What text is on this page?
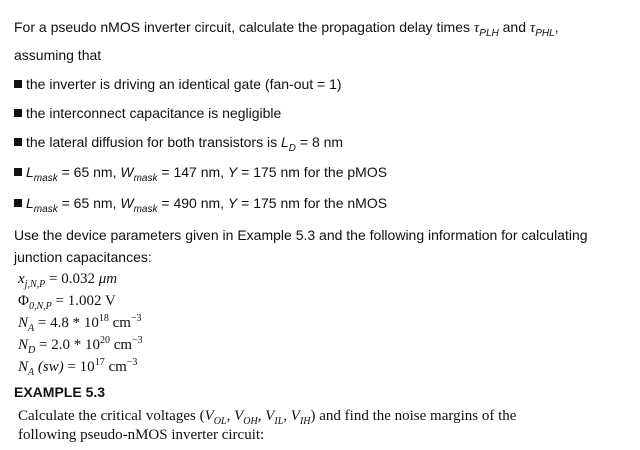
For a pseudo nMOS inverter circuit, calculate the propagation delay times $\tau_{PLH}$ and $\tau_{PHL}$,
assuming that
the inverter is driving an identical gate (fan-out = 1)
the interconnect capacitance is negligible
the lateral diffusion for both transistors is $L_D = 8$ nm
$L_{mask} = 65$ nm, $W_{mask} = 147$ nm, Y = 175 nm for the pMOS
$L_{mask} = 65$ nm, $W_{mask} = 490$ nm, Y = 175 nm for the nMOS
Use the device parameters given in Example 5.3 and the following information for calculating
junction capacitances:
$x_{j,N,P} = 0.032$ μm
$\Phi_{0,N,P} = 1.002$ V
$N_A = 4.8 * 10^{18}$ $cm^{-3}$
$N_D = 2.0 * 10^{20}$ $cm^{-3}$
$N_A$ $(sw) = 10^{17}$ $cm^{-3}$
EXAMPLE 5.3
Calculate the critical voltages ($V_{OL}$, $V_{OH}$, $V_{IL}$, $V_{IH}$) and find the noise margins of the
following pseudo-nMOS inverter circuit:
